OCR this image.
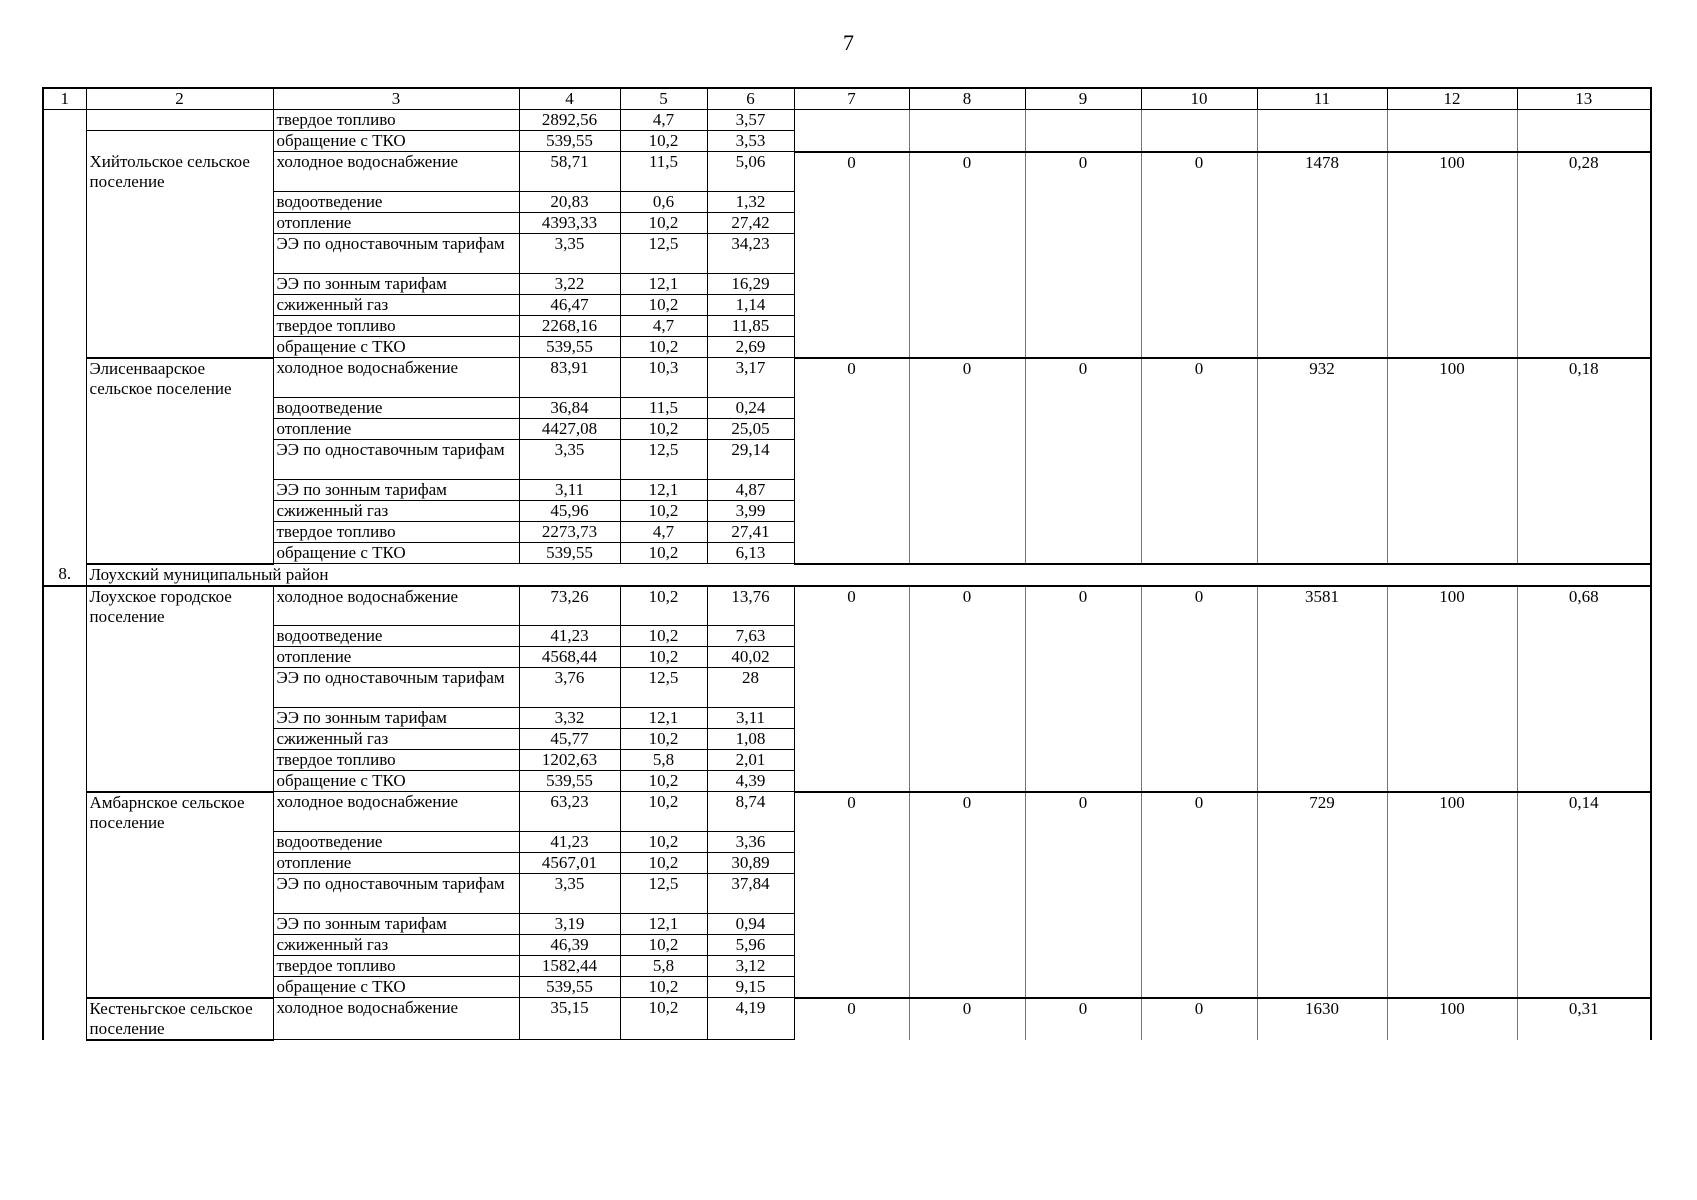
7
1	2	3	4	5	6	7	8	9	10	11	12	13
		твердое топливо	2892,56	4,7	3,57							
		обращение с ТКО	539,55	10,2	3,53							
	Хийтольское сельское поселение	холодное водоснабжение	58,71	11,5	5,06	0	0	0	0	1478	100	0,28
		водоотведение	20,83	0,6	1,32							
		отопление	4393,33	10,2	27,42							
		ЭЭ по одноставочным тарифам	3,35	12,5	34,23							
		ЭЭ по зонным тарифам	3,22	12,1	16,29							
		сжиженный газ	46,47	10,2	1,14							
		твердое топливо	2268,16	4,7	11,85							
		обращение с ТКО	539,55	10,2	2,69							
	Элисенваарское сельское поселение	холодное водоснабжение	83,91	10,3	3,17	0	0	0	0	932	100	0,18
		водоотведение	36,84	11,5	0,24							
		отопление	4427,08	10,2	25,05							
		ЭЭ по одноставочным тарифам	3,35	12,5	29,14							
		ЭЭ по зонным тарифам	3,11	12,1	4,87							
		сжиженный газ	45,96	10,2	3,99							
		твердое топливо	2273,73	4,7	27,41							
		обращение с ТКО	539,55	10,2	6,13							
8.	Лоухский муниципальный район											
	Лоухское городское поселение	холодное водоснабжение	73,26	10,2	13,76	0	0	0	0	3581	100	0,68
		водоотведение	41,23	10,2	7,63							
		отопление	4568,44	10,2	40,02							
		ЭЭ по одноставочным тарифам	3,76	12,5	28							
		ЭЭ по зонным тарифам	3,32	12,1	3,11							
		сжиженный газ	45,77	10,2	1,08							
		твердое топливо	1202,63	5,8	2,01							
		обращение с ТКО	539,55	10,2	4,39							
	Амбарнское сельское поселение	холодное водоснабжение	63,23	10,2	8,74	0	0	0	0	729	100	0,14
		водоотведение	41,23	10,2	3,36							
		отопление	4567,01	10,2	30,89							
		ЭЭ по одноставочным тарифам	3,35	12,5	37,84							
		ЭЭ по зонным тарифам	3,19	12,1	0,94							
		сжиженный газ	46,39	10,2	5,96							
		твердое топливо	1582,44	5,8	3,12							
		обращение с ТКО	539,55	10,2	9,15							
	Кестеньгское сельское поселение	холодное водоснабжение	35,15	10,2	4,19	0	0	0	0	1630	100	0,31
